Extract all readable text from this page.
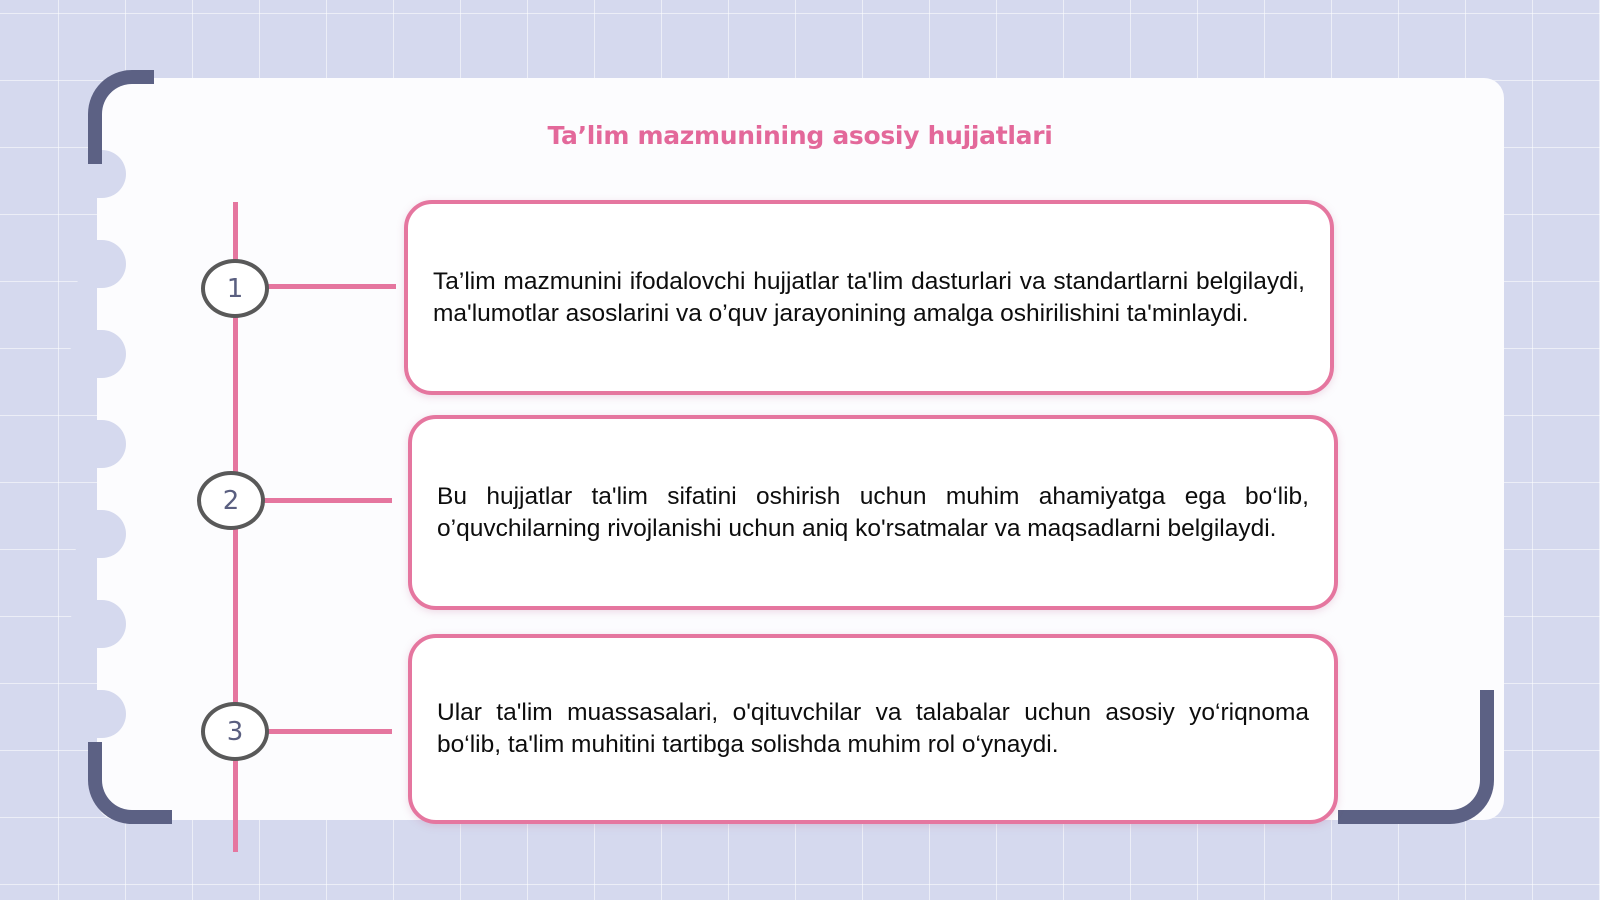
Ta’lim mazmunining asosiy hujjatlari
1
2
3

Ta’lim mazmunini ifodalovchi hujjatlar ta'lim dasturlari va standartlarni belgilaydi, ma'lumotlar asoslarini va o’quv jarayonining amalga oshirilishini ta'minlaydi.

Bu hujjatlar ta'lim sifatini oshirish uchun muhim ahamiyatga ega bo‘lib, o’quvchilarning rivojlanishi uchun aniq ko'rsatmalar va maqsadlarni belgilaydi.

Ular ta'lim muassasalari, o'qituvchilar va talabalar uchun asosiy yo‘riqnoma bo‘lib, ta'lim muhitini tartibga solishda muhim rol o‘ynaydi.
